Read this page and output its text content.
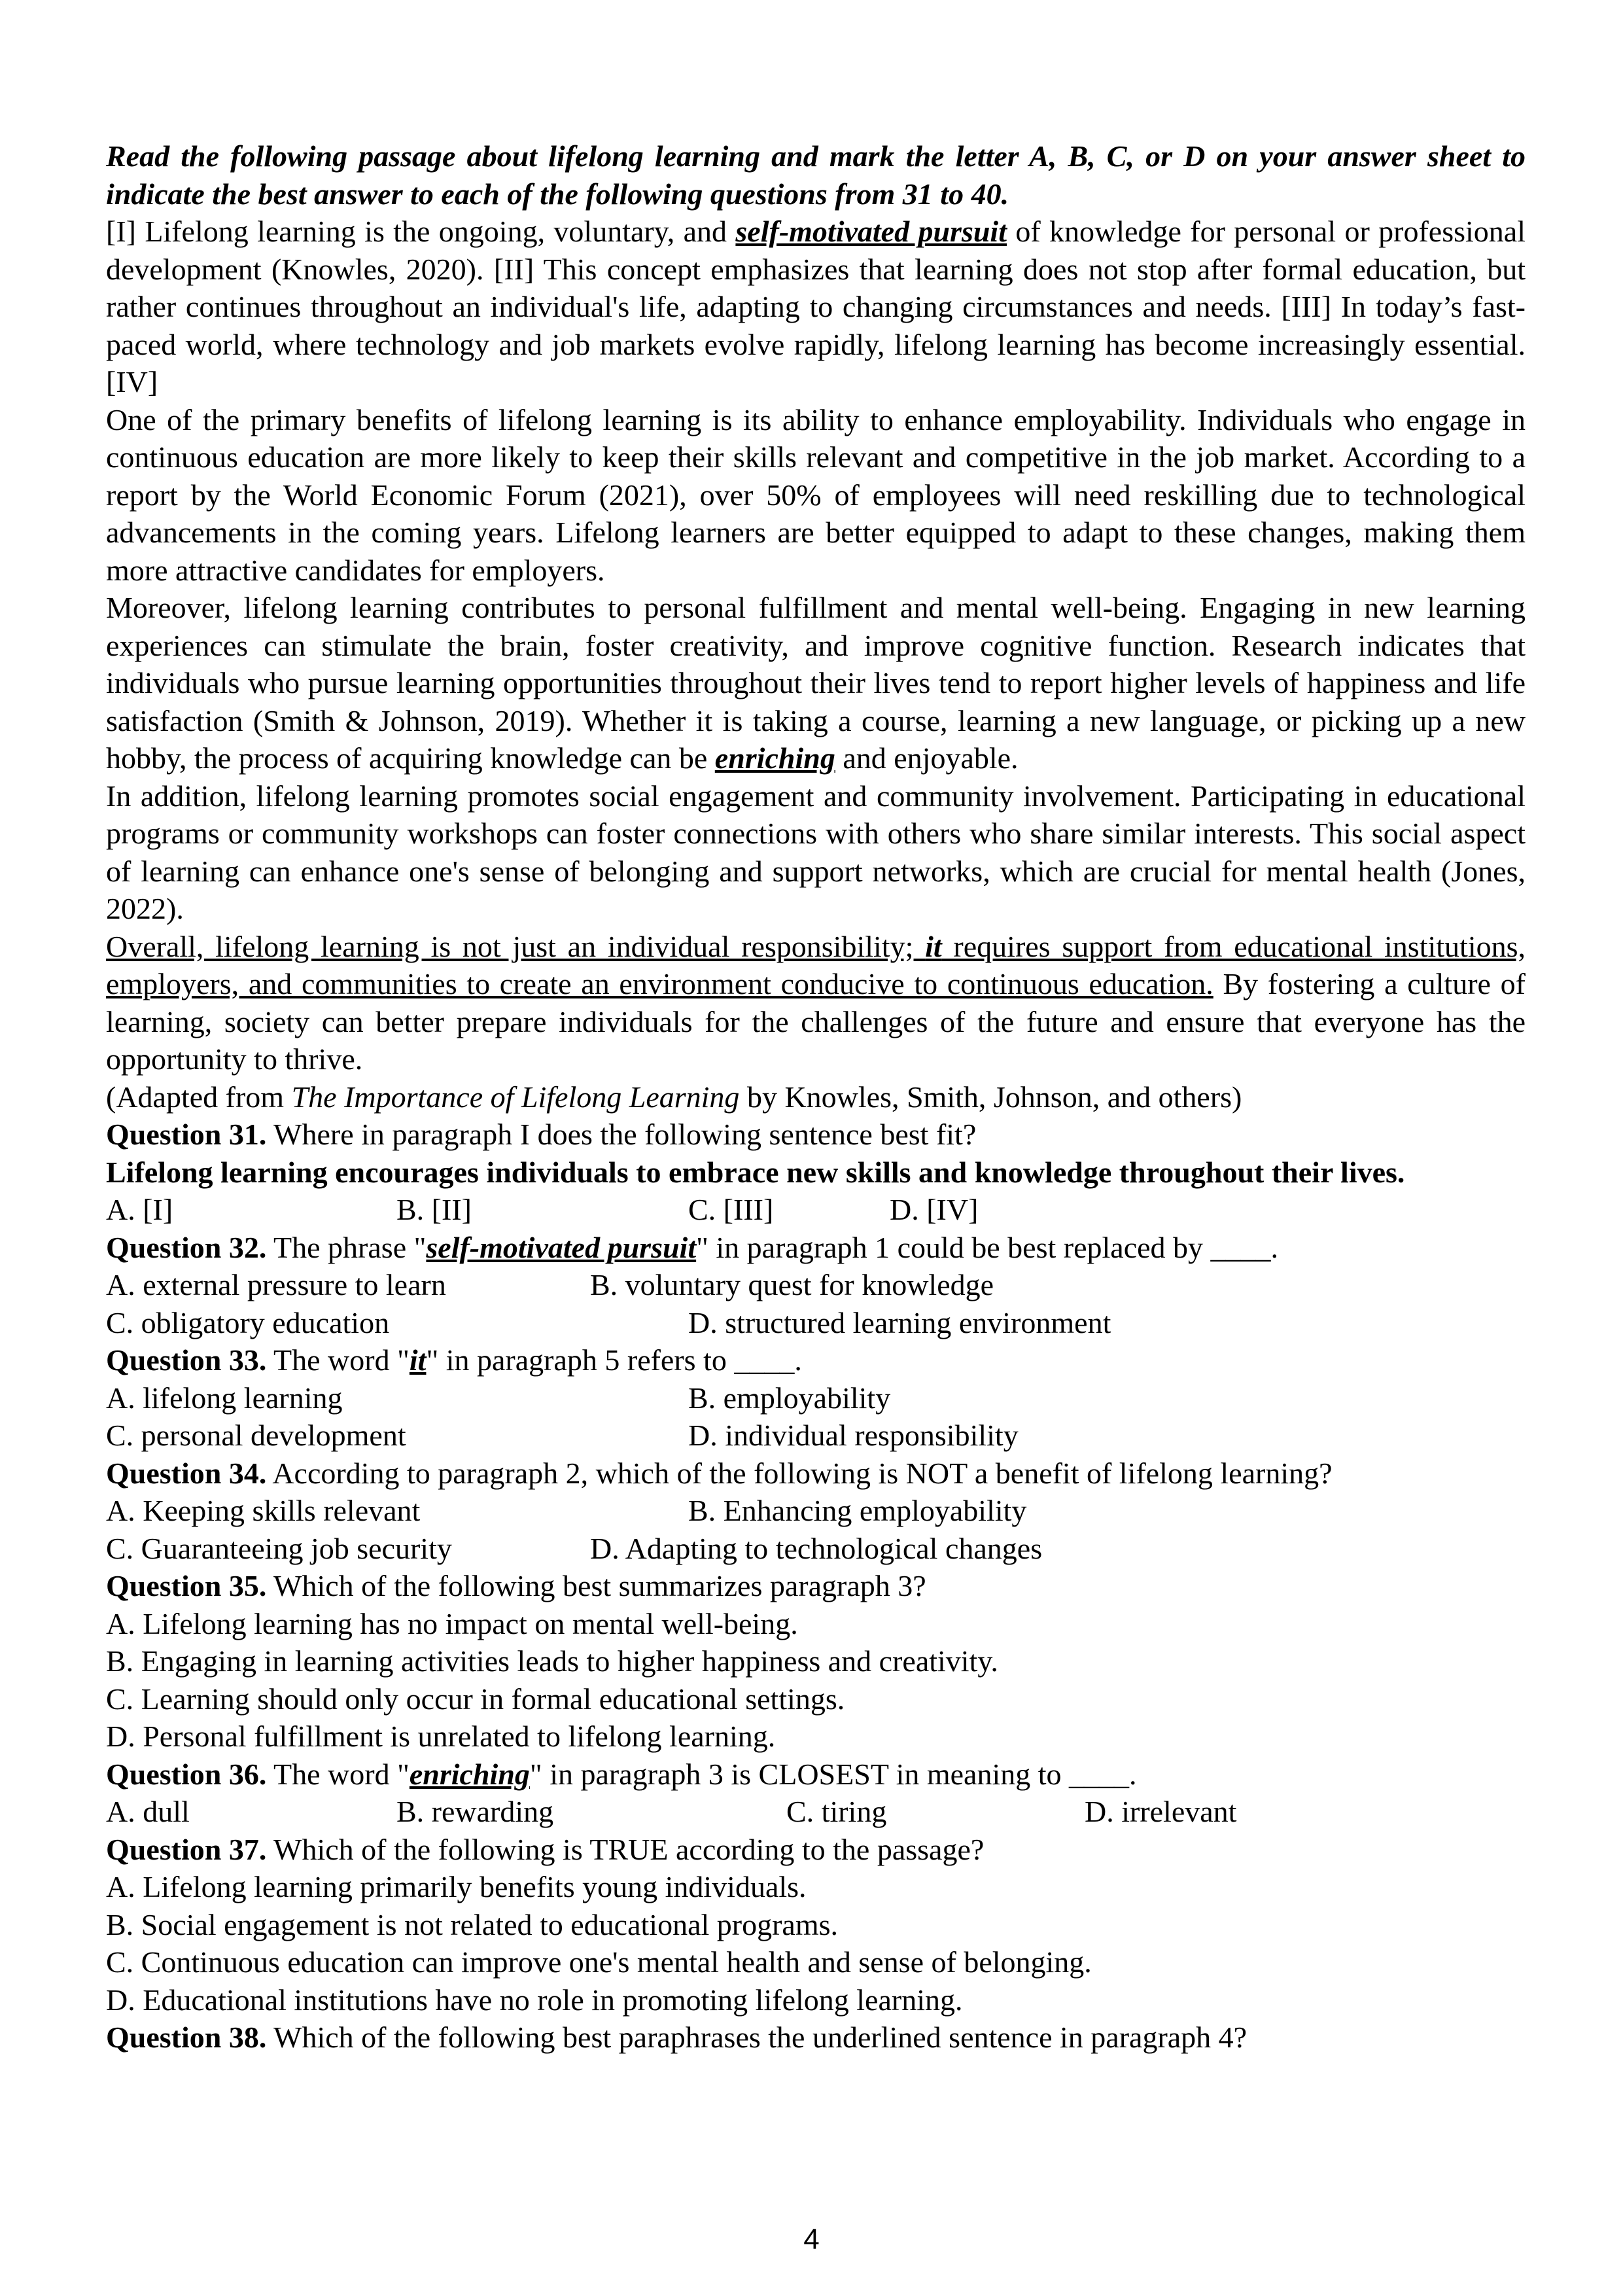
Read the following passage about lifelong learning and mark the letter A, B, C, or D on your answer sheet to indicate the best answer to each of the following questions from 31 to 40.

[I] Lifelong learning is the ongoing, voluntary, and self-motivated pursuit of knowledge for personal or professional development (Knowles, 2020). [II] This concept emphasizes that learning does not stop after formal education, but rather continues throughout an individual's life, adapting to changing circumstances and needs. [III] In today’s fast-paced world, where technology and job markets evolve rapidly, lifelong learning has become increasingly essential. [IV]

One of the primary benefits of lifelong learning is its ability to enhance employability. Individuals who engage in continuous education are more likely to keep their skills relevant and competitive in the job market. According to a report by the World Economic Forum (2021), over 50% of employees will need reskilling due to technological advancements in the coming years. Lifelong learners are better equipped to adapt to these changes, making them more attractive candidates for employers.

Moreover, lifelong learning contributes to personal fulfillment and mental well-being. Engaging in new learning experiences can stimulate the brain, foster creativity, and improve cognitive function. Research indicates that individuals who pursue learning opportunities throughout their lives tend to report higher levels of happiness and life satisfaction (Smith & Johnson, 2019). Whether it is taking a course, learning a new language, or picking up a new hobby, the process of acquiring knowledge can be enriching and enjoyable.

In addition, lifelong learning promotes social engagement and community involvement. Participating in educational programs or community workshops can foster connections with others who share similar interests. This social aspect of learning can enhance one's sense of belonging and support networks, which are crucial for mental health (Jones, 2022).

Overall, lifelong learning is not just an individual responsibility; it requires support from educational institutions, employers, and communities to create an environment conducive to continuous education. By fostering a culture of learning, society can better prepare individuals for the challenges of the future and ensure that everyone has the opportunity to thrive.

(Adapted from The Importance of Lifelong Learning by Knowles, Smith, Johnson, and others)

Question 31. Where in paragraph I does the following sentence best fit?

Lifelong learning encourages individuals to embrace new skills and knowledge throughout their lives.

A. [I]	B. [II]	C. [III]	D. [IV]

Question 32. The phrase "self-motivated pursuit" in paragraph 1 could be best replaced by ____.

A. external pressure to learn	B. voluntary quest for knowledge
C. obligatory education	D. structured learning environment

Question 33. The word "it" in paragraph 5 refers to ____.

A. lifelong learning	B. employability
C. personal development	D. individual responsibility

Question 34. According to paragraph 2, which of the following is NOT a benefit of lifelong learning?

A. Keeping skills relevant	B. Enhancing employability
C. Guaranteeing job security	D. Adapting to technological changes

Question 35. Which of the following best summarizes paragraph 3?

A. Lifelong learning has no impact on mental well-being.

B. Engaging in learning activities leads to higher happiness and creativity.

C. Learning should only occur in formal educational settings.

D. Personal fulfillment is unrelated to lifelong learning.

Question 36. The word "enriching" in paragraph 3 is CLOSEST in meaning to ____.

A. dull	B. rewarding	C. tiring	D. irrelevant

Question 37. Which of the following is TRUE according to the passage?

A. Lifelong learning primarily benefits young individuals.

B. Social engagement is not related to educational programs.

C. Continuous education can improve one's mental health and sense of belonging.

D. Educational institutions have no role in promoting lifelong learning.

Question 38. Which of the following best paraphrases the underlined sentence in paragraph 4?

4
